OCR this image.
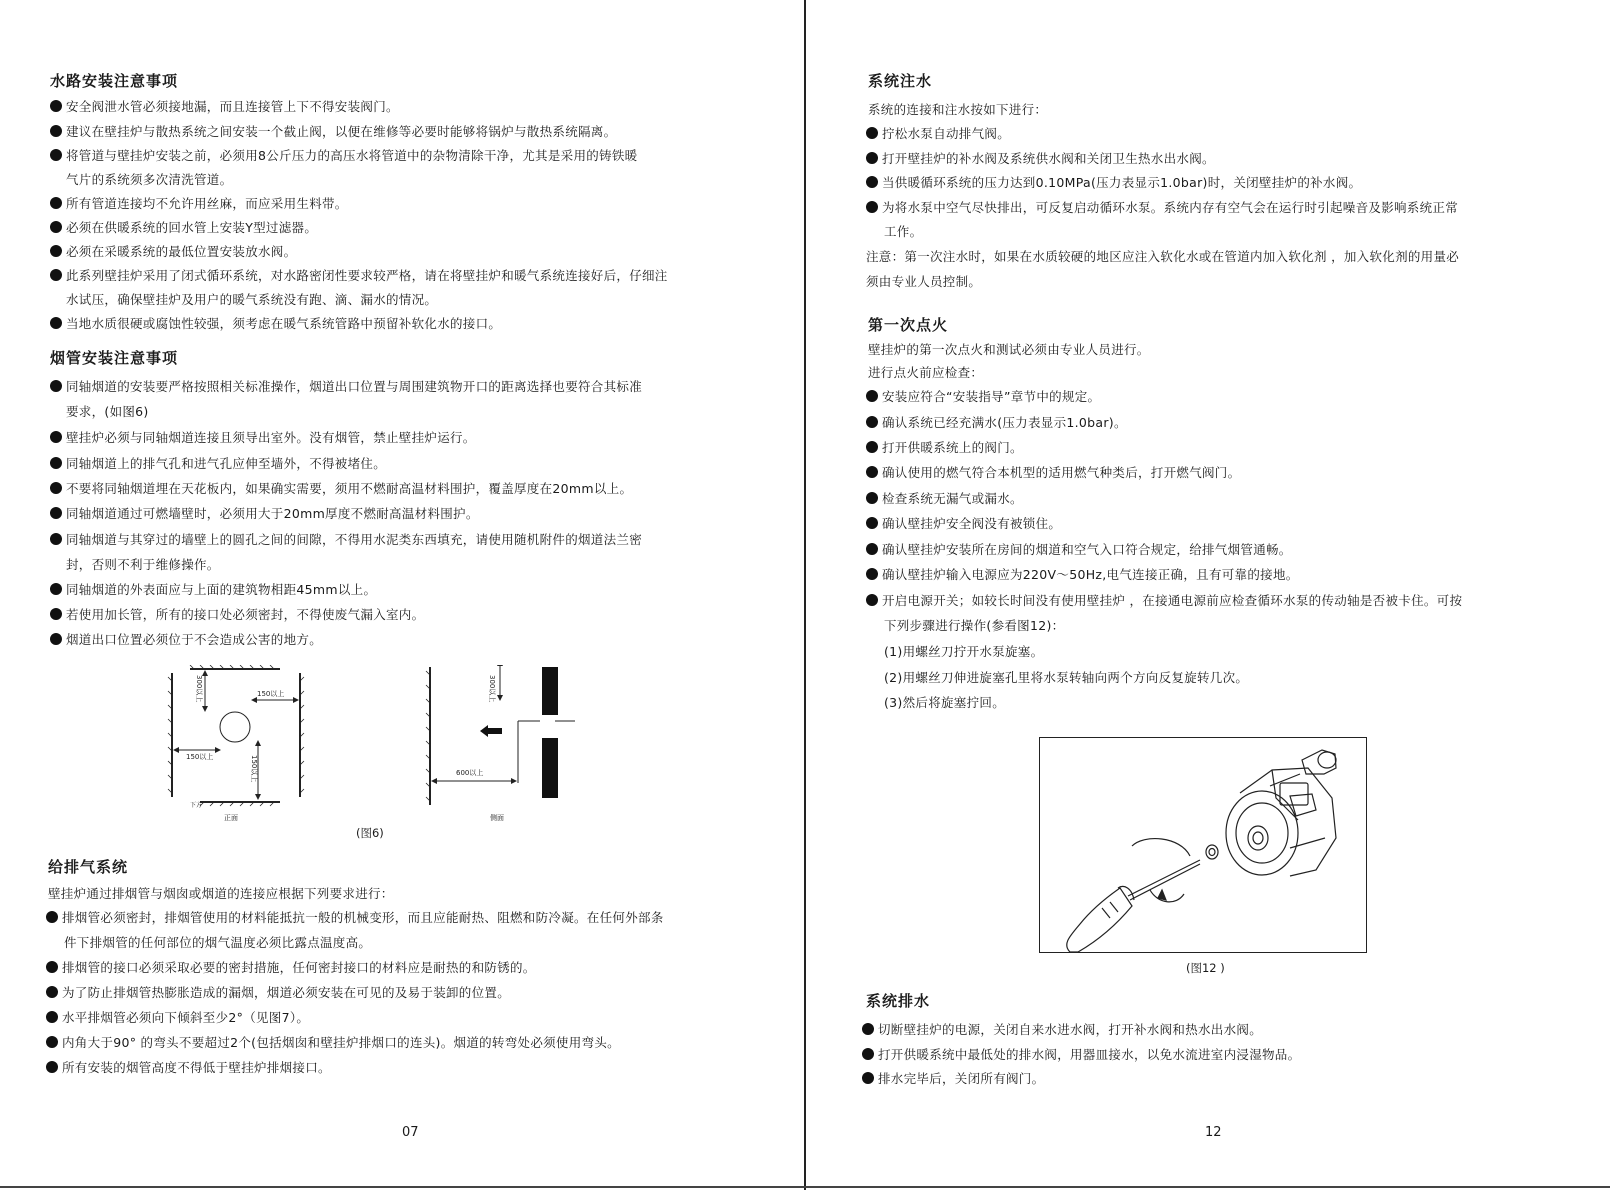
水路安装注意事项
安全阀泄水管必须接地漏，而且连接管上下不得安装阀门。
建议在壁挂炉与散热系统之间安装一个截止阀，以便在维修等必要时能够将锅炉与散热系统隔离。
将管道与壁挂炉安装之前，必须用8公斤压力的高压水将管道中的杂物清除干净，尤其是采用的铸铁暖
气片的系统须多次清洗管道。
所有管道连接均不允许用丝麻，而应采用生料带。
必须在供暖系统的回水管上安装Y型过滤器。
必须在采暖系统的最低位置安装放水阀。
此系列壁挂炉采用了闭式循环系统，对水路密闭性要求较严格，请在将壁挂炉和暖气系统连接好后，仔细注
水试压，确保壁挂炉及用户的暖气系统没有跑、滴、漏水的情况。
当地水质很硬或腐蚀性较强，须考虑在暖气系统管路中预留补软化水的接口。
烟管安装注意事项
同轴烟道的安装要严格按照相关标准操作，烟道出口位置与周围建筑物开口的距离选择也要符合其标准
要求，(如图6)
壁挂炉必须与同轴烟道连接且须导出室外。没有烟管，禁止壁挂炉运行。
同轴烟道上的排气孔和进气孔应伸至墙外，不得被堵住。
不要将同轴烟道埋在天花板内，如果确实需要，须用不燃耐高温材料围护，覆盖厚度在20mm以上。
同轴烟道通过可燃墙壁时，必须用大于20mm厚度不燃耐高温材料围护。
同轴烟道与其穿过的墙壁上的圆孔之间的间隙，不得用水泥类东西填充，请使用随机附件的烟道法兰密
封，否则不利于维修操作。
同轴烟道的外表面应与上面的建筑物相距45mm以上。
若使用加长管，所有的接口处必须密封，不得使废气漏入室内。
烟道出口位置必须位于不会造成公害的地方。
300以上	150以上
150以上	150以上
下方
正面	侧面
600以上
300以上
(图6)
给排气系统
壁挂炉通过排烟管与烟囱或烟道的连接应根据下列要求进行：
排烟管必须密封，排烟管使用的材料能抵抗一般的机械变形，而且应能耐热、阻燃和防冷凝。在任何外部条
件下排烟管的任何部位的烟气温度必须比露点温度高。
排烟管的接口必须采取必要的密封措施，任何密封接口的材料应是耐热的和防锈的。
为了防止排烟管热膨胀造成的漏烟，烟道必须安装在可见的及易于装卸的位置。
水平排烟管必须向下倾斜至少2°（见图7）。
内角大于90° 的弯头不要超过2个(包括烟囱和壁挂炉排烟口的连头)。烟道的转弯处必须使用弯头。
所有安装的烟管高度不得低于壁挂炉排烟接口。
07
系统注水
系统的连接和注水按如下进行：
拧松水泵自动排气阀。
打开壁挂炉的补水阀及系统供水阀和关闭卫生热水出水阀。
当供暖循环系统的压力达到0.10MPa(压力表显示1.0bar)时，关闭壁挂炉的补水阀。
为将水泵中空气尽快排出，可反复启动循环水泵。系统内存有空气会在运行时引起噪音及影响系统正常
工作。
注意：第一次注水时，如果在水质较硬的地区应注入软化水或在管道内加入软化剂 ，加入软化剂的用量必
须由专业人员控制。
第一次点火
壁挂炉的第一次点火和测试必须由专业人员进行。
进行点火前应检查：
安装应符合“安装指导”章节中的规定。
确认系统已经充满水(压力表显示1.0bar)。
打开供暖系统上的阀门。
确认使用的燃气符合本机型的适用燃气种类后，打开燃气阀门。
检查系统无漏气或漏水。
确认壁挂炉安全阀没有被锁住。
确认壁挂炉安装所在房间的烟道和空气入口符合规定，给排气烟管通畅。
确认壁挂炉输入电源应为220V～50Hz,电气连接正确，且有可靠的接地。
开启电源开关；如较长时间没有使用壁挂炉 ，在接通电源前应检查循环水泵的传动轴是否被卡住。可按
下列步骤进行操作(参看图12)：
(1)用螺丝刀拧开水泵旋塞。
(2)用螺丝刀伸进旋塞孔里将水泵转轴向两个方向反复旋转几次。
(3)然后将旋塞拧回。
(图12 )
系统排水
切断壁挂炉的电源，关闭自来水进水阀，打开补水阀和热水出水阀。
打开供暖系统中最低处的排水阀，用器皿接水，以免水流进室内浸湿物品。
排水完毕后，关闭所有阀门。
12
